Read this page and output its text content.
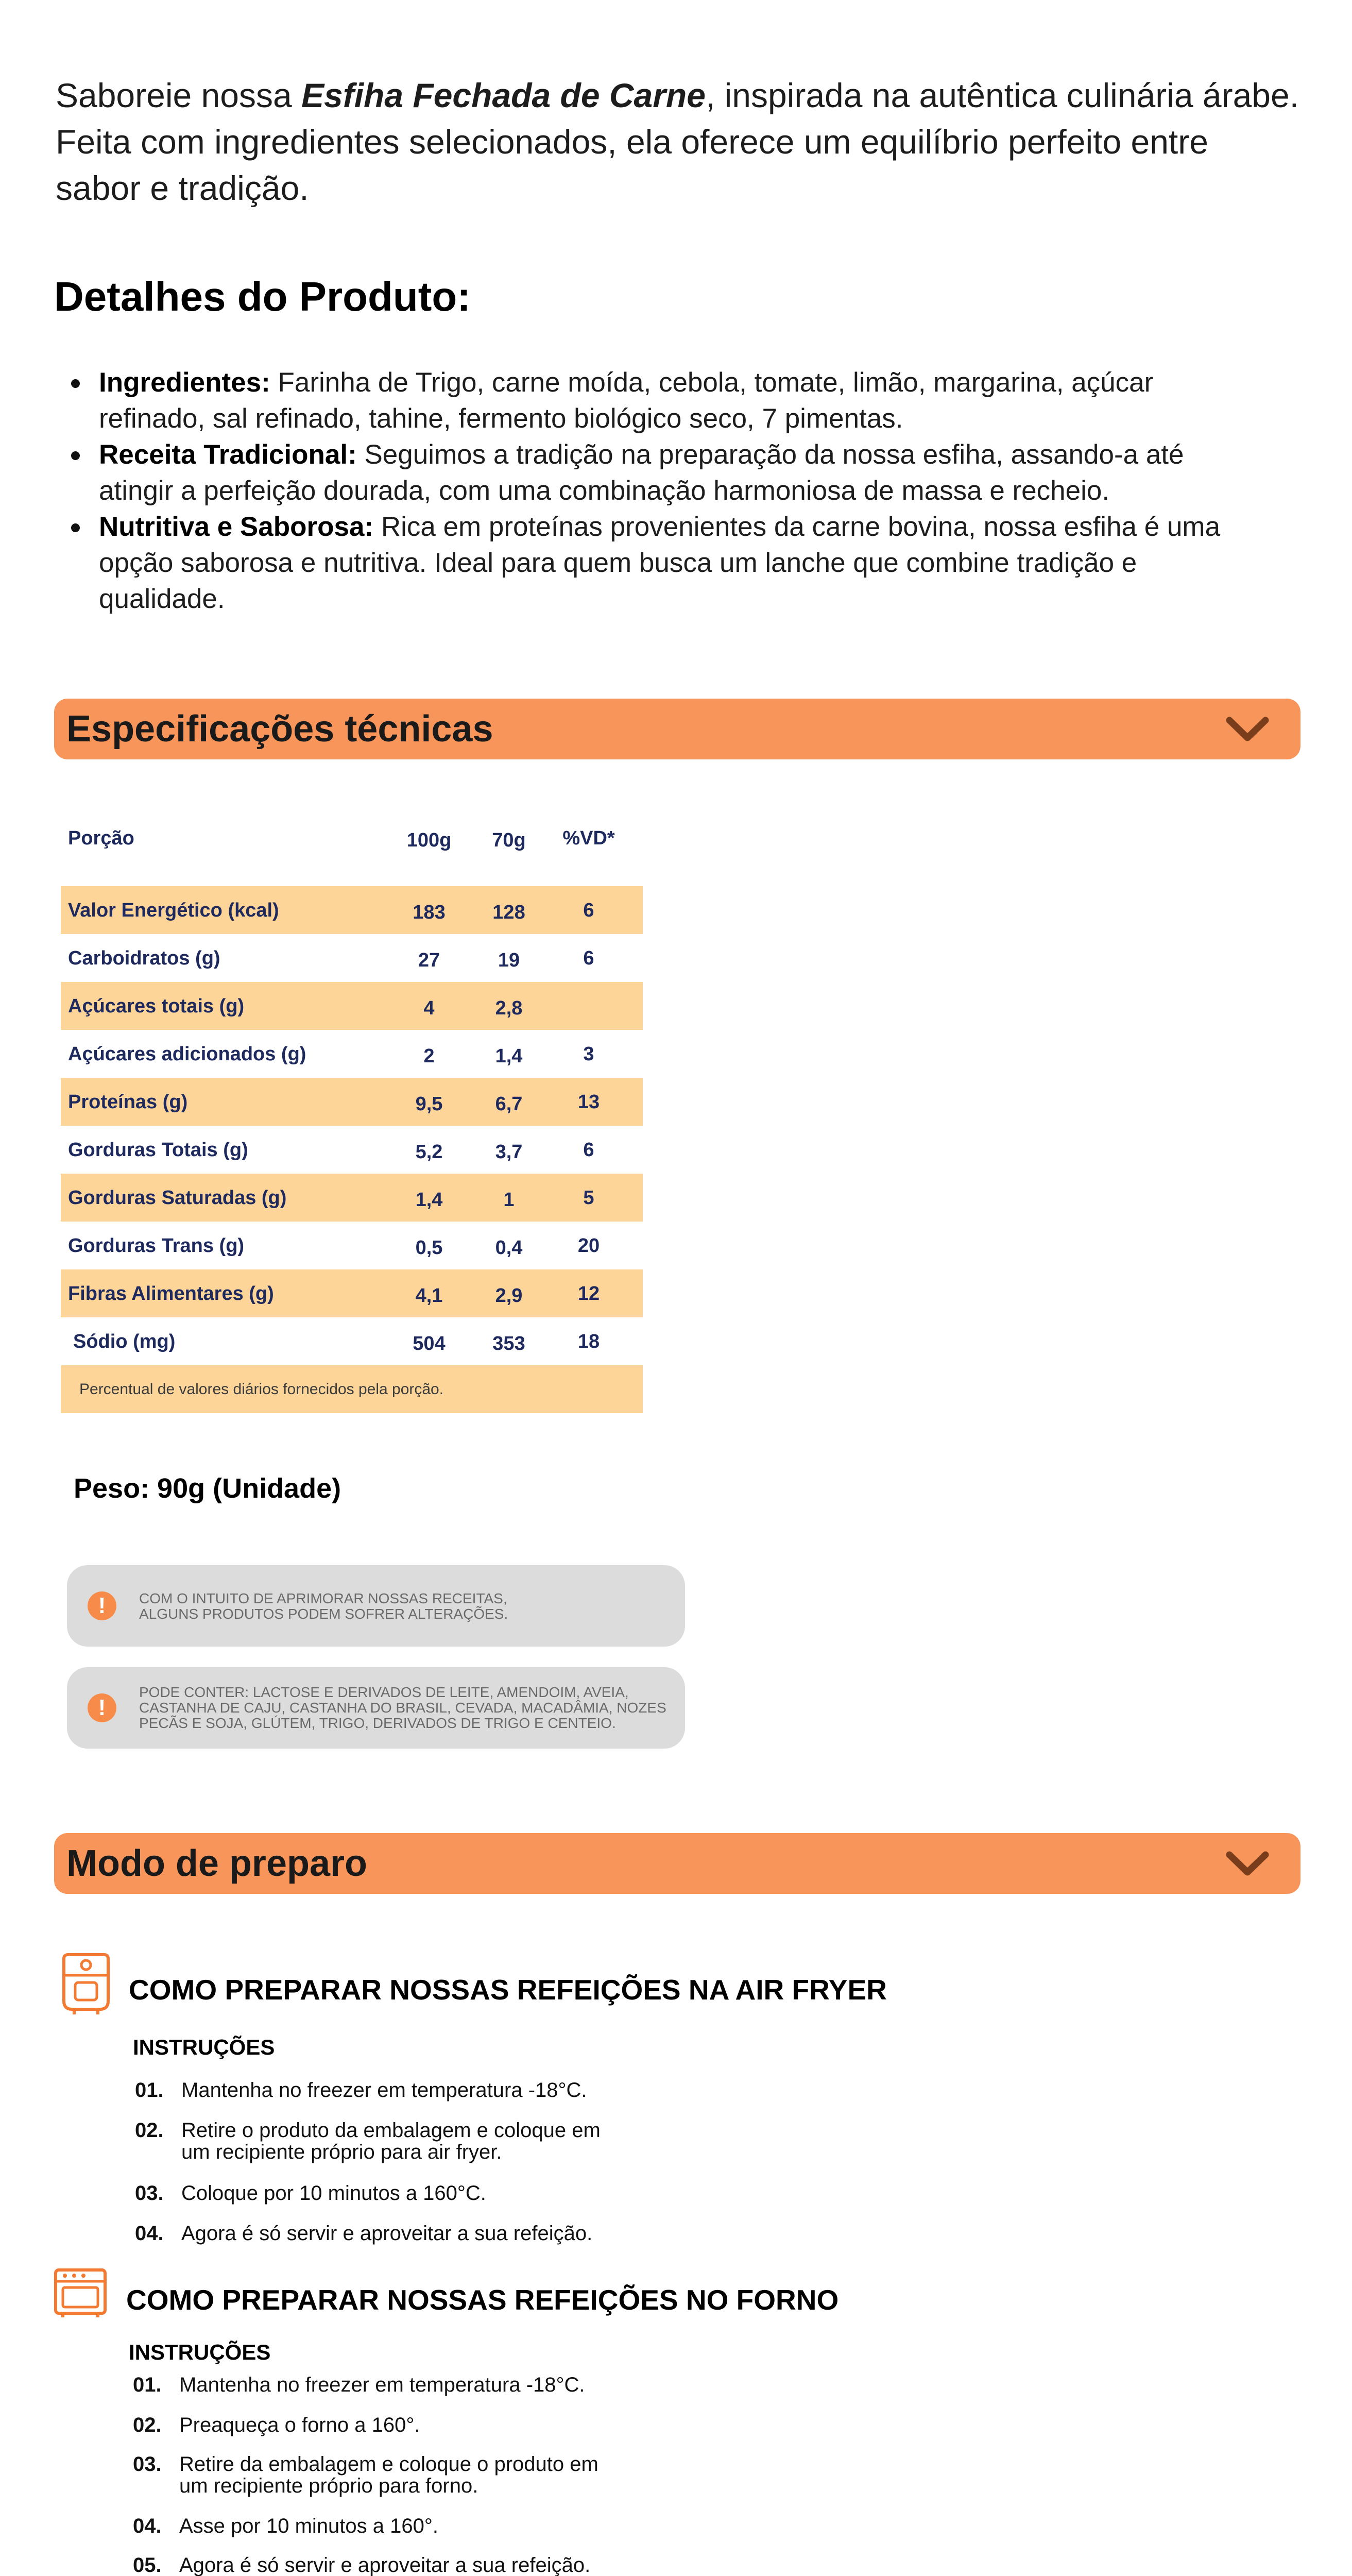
Saboreie nossa Esfiha Fechada de Carne, inspirada na autêntica culinária árabe. Feita com ingredientes selecionados, ela oferece um equilíbrio perfeito entre sabor e tradição.
Detalhes do Produto:
Ingredientes: Farinha de Trigo, carne moída, cebola, tomate, limão, margarina, açúcar refinado, sal refinado, tahine, fermento biológico seco, 7 pimentas.
Receita Tradicional: Seguimos a tradição na preparação da nossa esfiha, assando-a até atingir a perfeição dourada, com uma combinação harmoniosa de massa e recheio.
Nutritiva e Saborosa: Rica em proteínas provenientes da carne bovina, nossa esfiha é uma opção saborosa e nutritiva. Ideal para quem busca um lanche que combine tradição e qualidade.
Especificações técnicas
Porção	100g	70g	%VD*
Valor Energético (kcal)	183	128	6
Carboidratos (g)	27	19	6
Açúcares totais (g)	4	2,8
Açúcares adicionados (g)	2	1,4	3
Proteínas (g)	9,5	6,7	13
Gorduras Totais (g)	5,2	3,7	6
Gorduras Saturadas (g)	1,4	1	5
Gorduras Trans (g)	0,5	0,4	20
Fibras Alimentares (g)	4,1	2,9	12
Sódio (mg)	504	353	18
Percentual de valores diários fornecidos pela porção.
Peso: 90g (Unidade)
!	COM O INTUITO DE APRIMORAR NOSSAS RECEITAS,
ALGUNS PRODUTOS PODEM SOFRER ALTERAÇÕES.
!
PODE CONTER: LACTOSE E DERIVADOS DE LEITE, AMENDOIM, AVEIA,
CASTANHA DE CAJU, CASTANHA DO BRASIL, CEVADA, MACADÂMIA, NOZES
PECÃS E SOJA, GLÚTEM, TRIGO, DERIVADOS DE TRIGO E CENTEIO.
Modo de preparo
COMO PREPARAR NOSSAS REFEIÇÕES NA AIR FRYER
INSTRUÇÕES
01. Mantenha no freezer em temperatura -18°C.
02. Retire o produto da embalagem e coloque em
um recipiente próprio para air fryer.
03. Coloque por 10 minutos a 160°C.
04. Agora é só servir e aproveitar a sua refeição.
COMO PREPARAR NOSSAS REFEIÇÕES NO FORNO
INSTRUÇÕES
01. Mantenha no freezer em temperatura -18°C.
02. Preaqueça o forno a 160°.
03. Retire da embalagem e coloque o produto em
um recipiente próprio para forno.
04. Asse por 10 minutos a 160°.
05. Agora é só servir e aproveitar a sua refeição.
